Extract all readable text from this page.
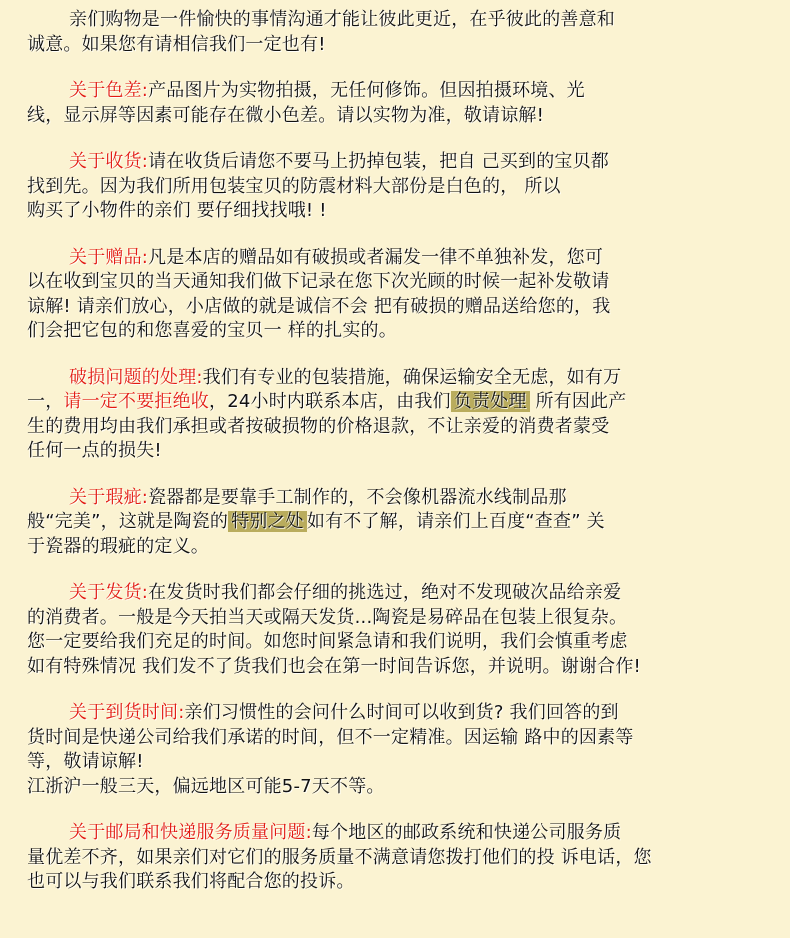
亲们购物是一件愉快的事情沟通才能让彼此更近，在乎彼此的善意和
诚意。如果您有请相信我们一定也有!

关于色差:产品图片为实物拍摄，无任何修饰。但因拍摄环境、光
线，显示屏等因素可能存在微小色差。请以实物为准，敬请谅解!

关于收货:请在收货后请您不要马上扔掉包装，把自 己买到的宝贝都
找到先。因为我们所用包装宝贝的防震材料大部份是白色的， 所以
购买了小物件的亲们 要仔细找找哦! !

关于赠品:凡是本店的赠品如有破损或者漏发一律不单独补发，您可
以在收到宝贝的当天通知我们做下记录在您下次光顾的时候一起补发敬请
谅解! 请亲们放心，小店做的就是诚信不会 把有破损的赠品送给您的，我
们会把它包的和您喜爱的宝贝一 样的扎实的。

破损问题的处理:我们有专业的包装措施，确保运输安全无虑，如有万
一，请一定不要拒绝收，24小时内联系本店，由我们 负责处理 所有因此产
生的费用均由我们承担或者按破损物的价格退款，不让亲爱的消费者蒙受
任何一点的损失!

关于瑕疵:瓷器都是要靠手工制作的，不会像机器流水线制品那
般“完美”，这就是陶瓷的 特别之处 如有不了解，请亲们上百度“查查” 关
于瓷器的瑕疵的定义。

关于发货:在发货时我们都会仔细的挑选过，绝对不发现破次品给亲爱
的消费者。一般是今天拍当天或隔天发货...陶瓷是易碎品在包装上很复杂。
您一定要给我们充足的时间。如您时间紧急请和我们说明，我们会慎重考虑
如有特殊情况 我们发不了货我们也会在第一时间告诉您，并说明。谢谢合作!

关于到货时间:亲们习惯性的会问什么时间可以收到货? 我们回答的到
货时间是快递公司给我们承诺的时间，但不一定精准。因运输 路中的因素等
等，敬请谅解!
江浙沪一般三天，偏远地区可能5-7天不等。

关于邮局和快递服务质量问题:每个地区的邮政系统和快递公司服务质
量优差不齐，如果亲们对它们的服务质量不满意请您拨打他们的投 诉电话，您
也可以与我们联系我们将配合您的投诉。
